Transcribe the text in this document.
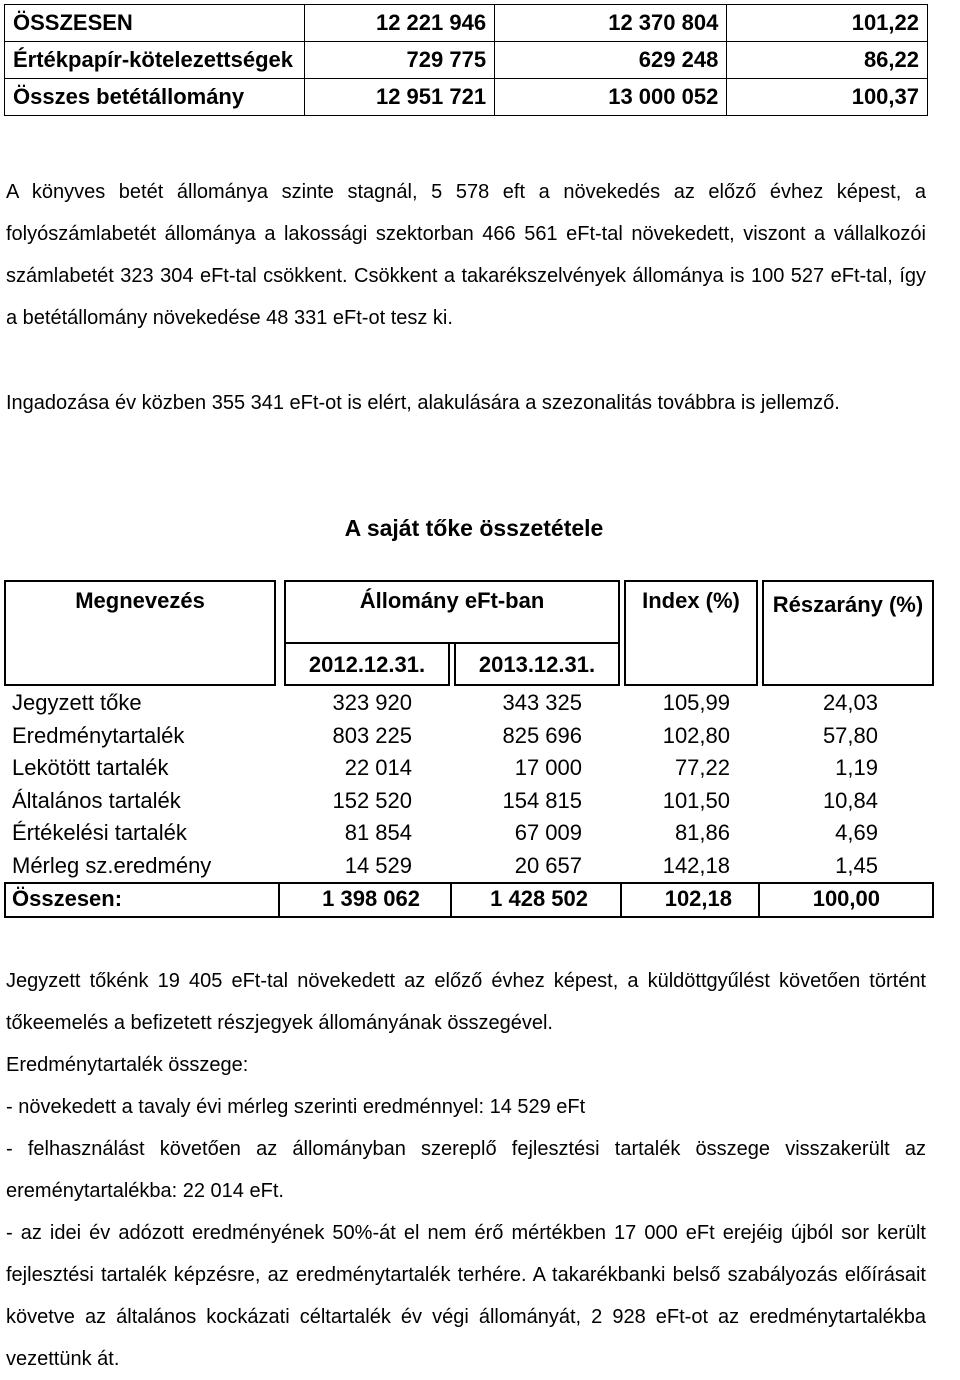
ÖSSZESEN	12 221 946	12 370 804	101,22
Értékpapír-kötelezettségek	729 775	629 248	86,22
Összes betétállomány	12 951 721	13 000 052	100,37

A könyves betét állománya szinte stagnál, 5 578 eft a növekedés az előző évhez képest, a folyószámlabetét állománya a lakossági szektorban 466 561 eFt-tal növekedett, viszont a vállalkozói számlabetét 323 304 eFt-tal csökkent. Csökkent a takarékszelvények állománya is 100 527 eFt-tal, így a betétállomány növekedése 48 331 eFt-ot tesz ki.

Ingadozása év közben 355 341 eFt-ot is elért, alakulására a szezonalitás továbbra is jellemző.

A saját tőke összetétele
Megnevezés	Állomány eFt-ban	Index (%)	Részarány (%)
2012.12.31.	2013.12.31.
Jegyzett tőke	323 920	343 325	105,99	24,03
Eredménytartalék	803 225	825 696	102,80	57,80
Lekötött tartalék	22 014	17 000	77,22	1,19
Általános tartalék	152 520	154 815	101,50	10,84
Értékelési tartalék	81 854	67 009	81,86	4,69
Mérleg sz.eredmény	14 529	20 657	142,18	1,45
Összesen:	1 398 062	1 428 502	102,18	100,00
Jegyzett tőkénk 19 405 eFt-tal növekedett az előző évhez képest, a küldöttgyűlést követően történt tőkeemelés a befizetett részjegyek állományának összegével.
Eredménytartalék összege:
- növekedett a tavaly évi mérleg szerinti eredménnyel: 14 529 eFt
- felhasználást követően az állományban szereplő fejlesztési tartalék összege visszakerült az ereménytartalékba: 22 014 eFt.
- az idei év adózott eredményének 50%-át el nem érő mértékben 17 000 eFt erejéig újból sor került fejlesztési tartalék képzésre, az eredménytartalék terhére. A takarékbanki belső szabályozás előírásait követve az általános kockázati céltartalék év végi állományát, 2 928 eFt-ot az eredménytartalékba vezettünk át.
